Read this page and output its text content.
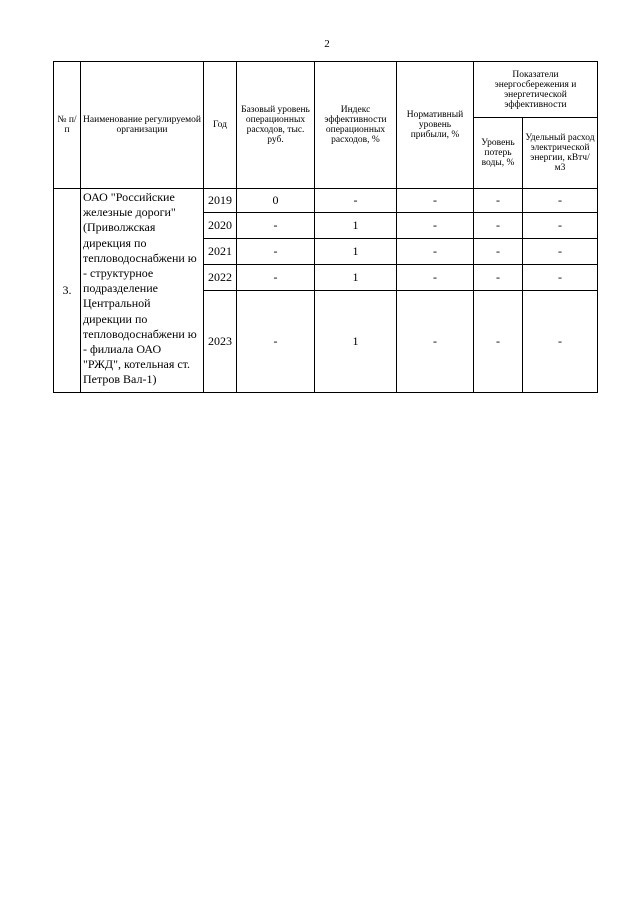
2
№ п/п	Наименование регулируемой организации	Год	Базовый уровень операционных расходов, тыс. руб.	Индекс эффективности операционных расходов, %	Нормативный уровень прибыли, %	Показатели энергосбережения и энергетической эффективности	
						Уровень потерь воды, %	Удельный расход электрической энергии, кВтч/м3
3.	ОАО "Российские железные дороги" (Приволжская дирекция по тепловодоснабжени ю - структурное подразделение Центральной дирекции по тепловодоснабжени ю - филиала ОАО "РЖД", котельная ст. Петров Вал-1)	2019	0	-	-	-	-
		2020	-	1	-	-	-
		2021	-	1	-	-	-
		2022	-	1	-	-	-
		2023	-	1	-	-	-
